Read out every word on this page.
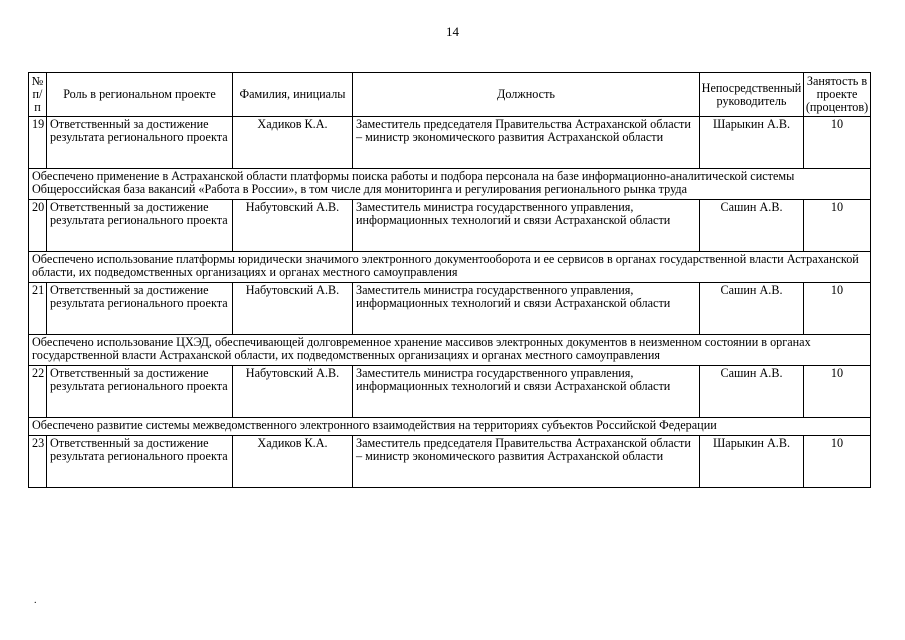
14
№ п/п	Роль в региональном проекте	Фамилия, инициалы	Должность	Непосредственный руководитель	Занятость в проекте (процентов)
19	Ответственный за достижение результата регионального проекта	Хадиков К.А.	Заместитель председателя Правительства Астраханской области – министр экономического развития Астраханской области	Шарыкин А.В.	10
Обеспечено применение в Астраханской области платформы поиска работы и подбора персонала на базе информационно-аналитической системы Общероссийская база вакансий «Работа в России», в том числе для мониторинга и регулирования регионального рынка труда					
20	Ответственный за достижение результата регионального проекта	Набутовский А.В.	Заместитель министра государственного управления, информационных технологий и связи Астраханской области	Сашин А.В.	10
Обеспечено использование платформы юридически значимого электронного документооборота и ее сервисов в органах государственной власти Астраханской области, их подведомственных организациях и органах местного самоуправления					
21	Ответственный за достижение результата регионального проекта	Набутовский А.В.	Заместитель министра государственного управления, информационных технологий и связи Астраханской области	Сашин А.В.	10
Обеспечено использование ЦХЭД, обеспечивающей долговременное хранение массивов электронных документов в неизменном состоянии в органах государственной власти Астраханской области, их подведомственных организациях и органах местного самоуправления					
22	Ответственный за достижение результата регионального проекта	Набутовский А.В.	Заместитель министра государственного управления, информационных технологий и связи Астраханской области	Сашин А.В.	10
Обеспечено развитие системы межведомственного электронного взаимодействия на территориях субъектов Российской Федерации					
23	Ответственный за достижение результата регионального проекта	Хадиков К.А.	Заместитель председателя Правительства Астраханской области – министр экономического развития Астраханской области	Шарыкин А.В.	10
.
